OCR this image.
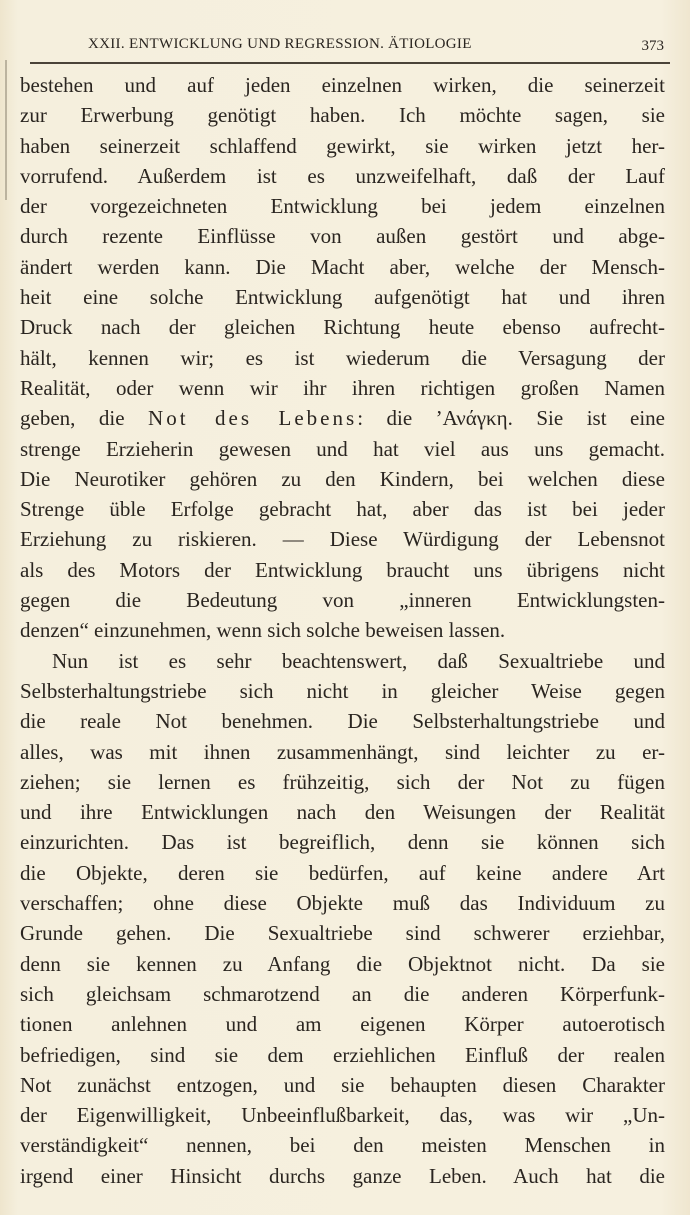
XXII. ENTWICKLUNG UND REGRESSION. ÄTIOLOGIE	373
bestehen und auf jeden einzelnen wirken, die seinerzeit
zur Erwerbung genötigt haben. Ich möchte sagen, sie
haben seinerzeit schlaffend gewirkt, sie wirken jetzt her-
vorrufend. Außerdem ist es unzweifelhaft, daß der Lauf
der vorgezeichneten Entwicklung bei jedem einzelnen
durch rezente Einflüsse von außen gestört und abge-
ändert werden kann. Die Macht aber, welche der Mensch-
heit eine solche Entwicklung aufgenötigt hat und ihren
Druck nach der gleichen Richtung heute ebenso aufrecht-
hält, kennen wir; es ist wiederum die Versagung der
Realität, oder wenn wir ihr ihren richtigen großen Namen
geben, die Not des Lebens: die ’Ανάγκη. Sie ist eine
strenge Erzieherin gewesen und hat viel aus uns gemacht.
Die Neurotiker gehören zu den Kindern, bei welchen diese
Strenge üble Erfolge gebracht hat, aber das ist bei jeder
Erziehung zu riskieren. — Diese Würdigung der Lebensnot
als des Motors der Entwicklung braucht uns übrigens nicht
gegen die Bedeutung von „inneren Entwicklungsten-
denzen“ einzunehmen, wenn sich solche beweisen lassen.
Nun ist es sehr beachtenswert, daß Sexualtriebe und
Selbsterhaltungstriebe sich nicht in gleicher Weise gegen
die reale Not benehmen. Die Selbsterhaltungstriebe und
alles, was mit ihnen zusammenhängt, sind leichter zu er-
ziehen; sie lernen es frühzeitig, sich der Not zu fügen
und ihre Entwicklungen nach den Weisungen der Realität
einzurichten. Das ist begreiflich, denn sie können sich
die Objekte, deren sie bedürfen, auf keine andere Art
verschaffen; ohne diese Objekte muß das Individuum zu
Grunde gehen. Die Sexualtriebe sind schwerer erziehbar,
denn sie kennen zu Anfang die Objektnot nicht. Da sie
sich gleichsam schmarotzend an die anderen Körperfunk-
tionen anlehnen und am eigenen Körper autoerotisch
befriedigen, sind sie dem erziehlichen Einfluß der realen
Not zunächst entzogen, und sie behaupten diesen Charakter
der Eigenwilligkeit, Unbeeinflußbarkeit, das, was wir „Un-
verständigkeit“ nennen, bei den meisten Menschen in
irgend einer Hinsicht durchs ganze Leben. Auch hat die
